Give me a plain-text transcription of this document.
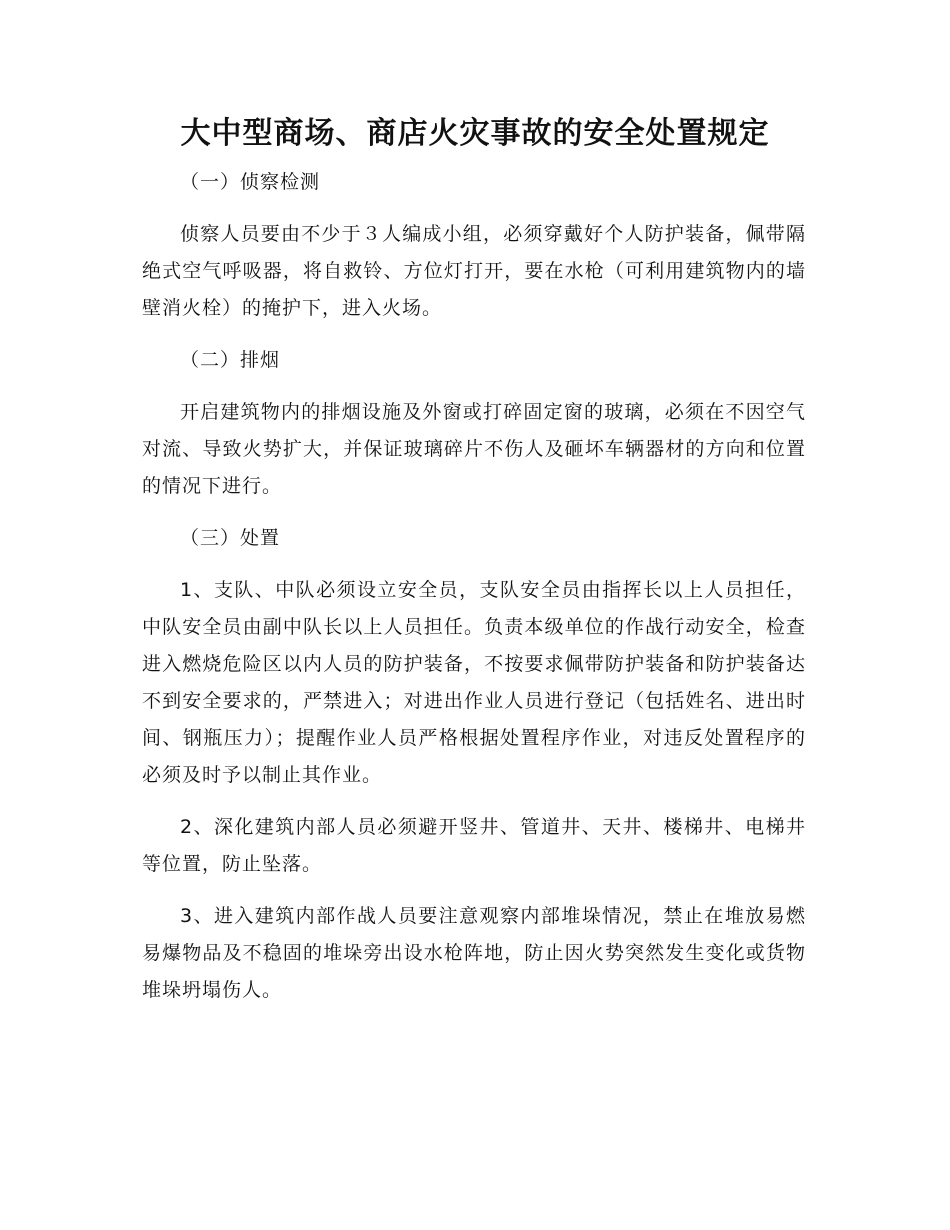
大中型商场、商店火灾事故的安全处置规定

（一）侦察检测

侦察人员要由不少于３人编成小组，必须穿戴好个人防护装备，佩带隔绝式空气呼吸器，将自救铃、方位灯打开，要在水枪（可利用建筑物内的墙壁消火栓）的掩护下，进入火场。

（二）排烟

开启建筑物内的排烟设施及外窗或打碎固定窗的玻璃，必须在不因空气对流、导致火势扩大，并保证玻璃碎片不伤人及砸坏车辆器材的方向和位置的情况下进行。

（三）处置

1、支队、中队必须设立安全员，支队安全员由指挥长以上人员担任，中队安全员由副中队长以上人员担任。负责本级单位的作战行动安全，检查进入燃烧危险区以内人员的防护装备，不按要求佩带防护装备和防护装备达不到安全要求的，严禁进入；对进出作业人员进行登记（包括姓名、进出时间、钢瓶压力）；提醒作业人员严格根据处置程序作业，对违反处置程序的必须及时予以制止其作业。

2、深化建筑内部人员必须避开竖井、管道井、天井、楼梯井、电梯井等位置，防止坠落。

3、进入建筑内部作战人员要注意观察内部堆垛情况，禁止在堆放易燃易爆物品及不稳固的堆垛旁出设水枪阵地，防止因火势突然发生变化或货物堆垛坍塌伤人。
